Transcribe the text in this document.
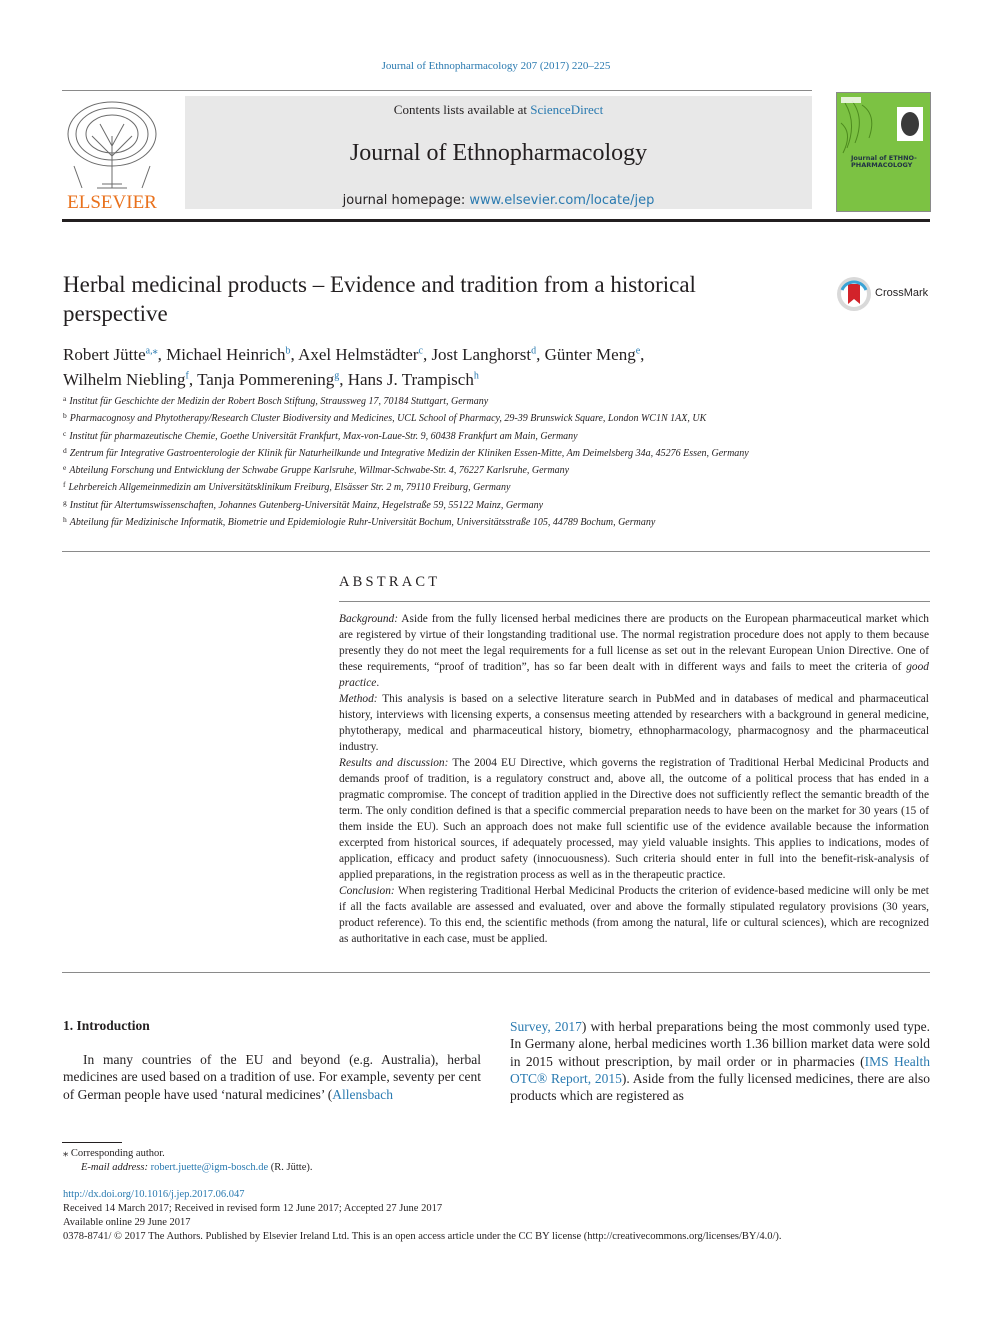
Journal of Ethnopharmacology 207 (2017) 220–225
ELSEVIER
Contents lists available at ScienceDirect
Journal of Ethnopharmacology
journal homepage: www.elsevier.com/locate/jep
Journal of ETHNO-PHARMACOLOGY
Herbal medicinal products – Evidence and tradition from a historical perspective
CrossMark
Robert Jütte$^{a,⁎}$, Michael Heinrich$^b$, Axel Helmstädter$^c$, Jost Langhorst$^d$, Günter Meng$^e$,
Wilhelm Niebling$^f$, Tanja Pommerening$^g$, Hans J. Trampisch$^h$
$^a$ Institut für Geschichte der Medizin der Robert Bosch Stiftung, Straussweg 17, 70184 Stuttgart, Germany
$^b$ Pharmacognosy and Phytotherapy/Research Cluster Biodiversity and Medicines, UCL School of Pharmacy, 29-39 Brunswick Square, London WC1N 1AX, UK
$^c$ Institut für pharmazeutische Chemie, Goethe Universität Frankfurt, Max-von-Laue-Str. 9, 60438 Frankfurt am Main, Germany
$^d$ Zentrum für Integrative Gastroenterologie der Klinik für Naturheilkunde und Integrative Medizin der Kliniken Essen-Mitte, Am Deimelsberg 34a, 45276 Essen, Germany
$^e$ Abteilung Forschung und Entwicklung der Schwabe Gruppe Karlsruhe, Willmar-Schwabe-Str. 4, 76227 Karlsruhe, Germany
$^f$ Lehrbereich Allgemeinmedizin am Universitätsklinikum Freiburg, Elsässer Str. 2 m, 79110 Freiburg, Germany
$^g$ Institut für Altertumswissenschaften, Johannes Gutenberg-Universität Mainz, Hegelstraße 59, 55122 Mainz, Germany
$^h$ Abteilung für Medizinische Informatik, Biometrie und Epidemiologie Ruhr-Universität Bochum, Universitätsstraße 105, 44789 Bochum, Germany
ABSTRACT

Background: Aside from the fully licensed herbal medicines there are products on the European pharmaceutical market which are registered by virtue of their longstanding traditional use. The normal registration procedure does not apply to them because presently they do not meet the legal requirements for a full license as set out in the relevant European Union Directive. One of these requirements, “proof of tradition”, has so far been dealt with in different ways and fails to meet the criteria of good practice.

Method: This analysis is based on a selective literature search in PubMed and in databases of medical and pharmaceutical history, interviews with licensing experts, a consensus meeting attended by researchers with a background in general medicine, phytotherapy, medical and pharmaceutical history, biometry, ethnopharmacology, pharmacognosy and the pharmaceutical industry.

Results and discussion: The 2004 EU Directive, which governs the registration of Traditional Herbal Medicinal Products and demands proof of tradition, is a regulatory construct and, above all, the outcome of a political process that has ended in a pragmatic compromise. The concept of tradition applied in the Directive does not sufficiently reflect the semantic breadth of the term. The only condition defined is that a specific commercial preparation needs to have been on the market for 30 years (15 of them inside the EU). Such an approach does not make full scientific use of the evidence available because the information excerpted from historical sources, if adequately processed, may yield valuable insights. This applies to indications, modes of application, efficacy and product safety (innocuousness). Such criteria should enter in full into the benefit-risk-analysis of applied preparations, in the registration process as well as in the therapeutic practice.

Conclusion: When registering Traditional Herbal Medicinal Products the criterion of evidence-based medicine will only be met if all the facts available are assessed and evaluated, over and above the formally stipulated regulatory provisions (30 years, product reference). To this end, the scientific methods (from among the natural, life or cultural sciences), which are recognized as authoritative in each case, must be applied.

1. Introduction
In many countries of the EU and beyond (e.g. Australia), herbal medicines are used based on a tradition of use. For example, seventy per cent of German people have used ‘natural medicines’ (Allensbach
Survey, 2017) with herbal preparations being the most commonly used type. In Germany alone, herbal medicines worth 1.36 billion market data were sold in 2015 without prescription, by mail order or in pharmacies (IMS Health OTC® Report, 2015). Aside from the fully licensed medicines, there are also products which are registered as
⁎ Corresponding author.
E-mail address: robert.juette@igm-bosch.de (R. Jütte).
http://dx.doi.org/10.1016/j.jep.2017.06.047
Received 14 March 2017; Received in revised form 12 June 2017; Accepted 27 June 2017
Available online 29 June 2017
0378-8741/ © 2017 The Authors. Published by Elsevier Ireland Ltd. This is an open access article under the CC BY license (http://creativecommons.org/licenses/BY/4.0/).
